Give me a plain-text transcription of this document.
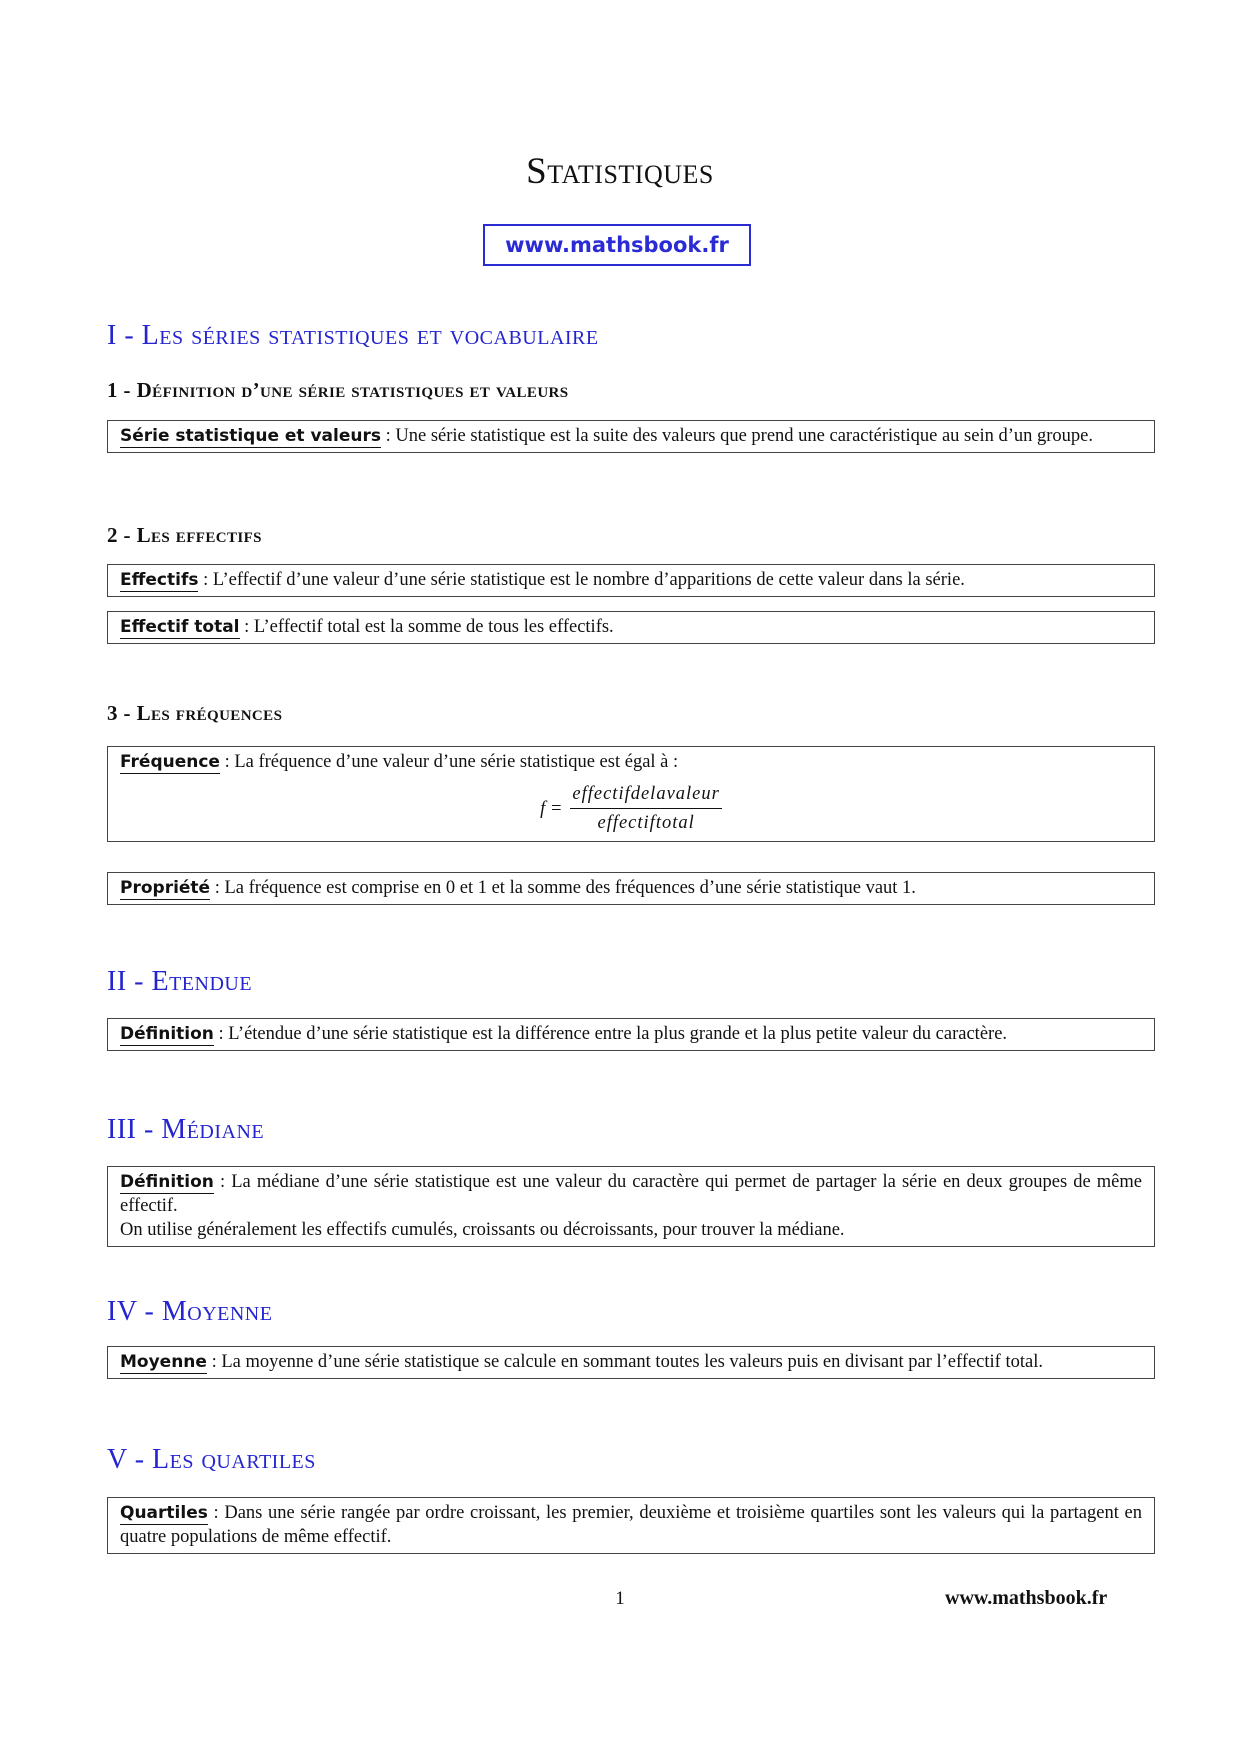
Statistiques
www.mathsbook.fr
I - Les séries statistiques et vocabulaire
1 - Définition d’une série statistiques et valeurs
Série statistique et valeurs : Une série statistique est la suite des valeurs que prend une caractéristique au sein d’un groupe.
2 - Les effectifs
Effectifs : L’effectif d’une valeur d’une série statistique est le nombre d’apparitions de cette valeur dans la série.
Effectif total : L’effectif total est la somme de tous les effectifs.
3 - Les fréquences
Fréquence : La fréquence d’une valeur d’une série statistique est égal à :
$f = \frac{\text{effectifdelavaleur}}{\text{effectiftotal}}$
Propriété : La fréquence est comprise en 0 et 1 et la somme des fréquences d’une série statistique vaut 1.
II - Etendue
Définition : L’étendue d’une série statistique est la différence entre la plus grande et la plus petite valeur du caractère.
III - Médiane
Définition : La médiane d’une série statistique est une valeur du caractère qui permet de partager la série en deux groupes de même effectif.
On utilise généralement les effectifs cumulés, croissants ou décroissants, pour trouver la médiane.
IV - Moyenne
Moyenne : La moyenne d’une série statistique se calcule en sommant toutes les valeurs puis en divisant par l’effectif total.
V - Les quartiles
Quartiles : Dans une série rangée par ordre croissant, les premier, deuxième et troisième quartiles sont les valeurs qui la partagent en quatre populations de même effectif.
1	www.mathsbook.fr
